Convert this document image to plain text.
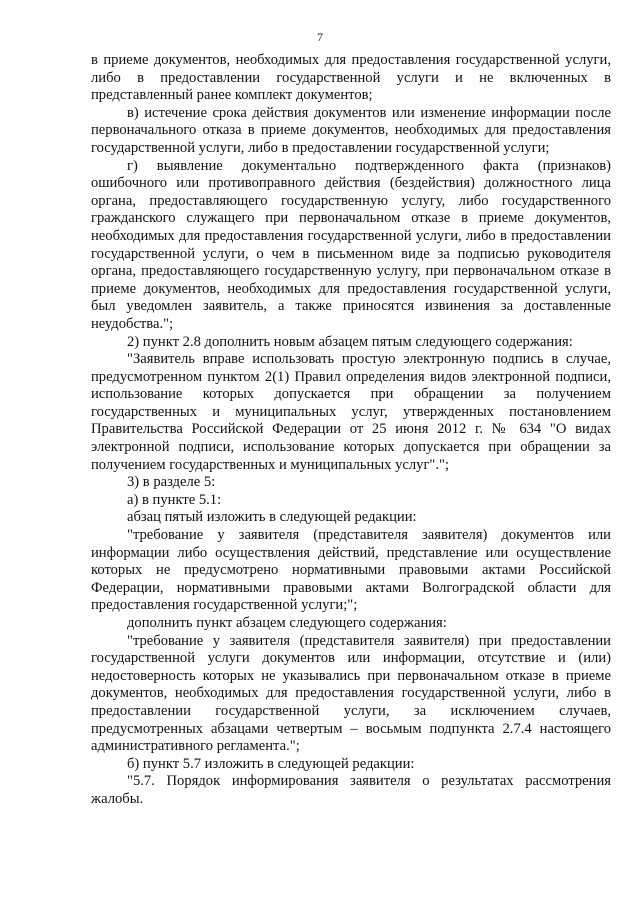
7

в приеме документов, необходимых для предоставления государственной услуги, либо в предоставлении государственной услуги и не включенных в представленный ранее комплект документов;

в) истечение срока действия документов или изменение информации после первоначального отказа в приеме документов, необходимых для предоставления государственной услуги, либо в предоставлении государственной услуги;

г) выявление документально подтвержденного факта (признаков) ошибочного или противоправного действия (бездействия) должностного лица органа, предоставляющего государственную услугу, либо государственного гражданского служащего при первоначальном отказе в приеме документов, необходимых для предоставления государственной услуги, либо в предоставлении государственной услуги, о чем в письменном виде за подписью руководителя органа, предоставляющего государственную услугу, при первоначальном отказе в приеме документов, необходимых для предоставления государственной услуги, был уведомлен заявитель, а также приносятся извинения за доставленные неудобства.";

2) пункт 2.8 дополнить новым абзацем пятым следующего содержания:

"Заявитель вправе использовать простую электронную подпись в случае, предусмотренном пунктом 2(1) Правил определения видов электронной подписи, использование которых допускается при обращении за получением государственных и муниципальных услуг, утвержденных постановлением Правительства Российской Федерации от 25 июня 2012 г. № 634 "О видах электронной подписи, использование которых допускается при обращении за получением государственных и муниципальных услуг".";

3) в разделе 5:

а) в пункте 5.1:

абзац пятый изложить в следующей редакции:

"требование у заявителя (представителя заявителя) документов или информации либо осуществления действий, представление или осуществление которых не предусмотрено нормативными правовыми актами Российской Федерации, нормативными правовыми актами Волгоградской области для предоставления государственной услуги;";

дополнить пункт абзацем следующего содержания:

"требование у заявителя (представителя заявителя) при предоставлении государственной услуги документов или информации, отсутствие и (или) недостоверность которых не указывались при первоначальном отказе в приеме документов, необходимых для предоставления государственной услуги, либо в предоставлении государственной услуги, за исключением случаев, предусмотренных абзацами четвертым – восьмым подпункта 2.7.4 настоящего административного регламента.";

б) пункт 5.7 изложить в следующей редакции:

"5.7. Порядок информирования заявителя о результатах рассмотрения жалобы.
